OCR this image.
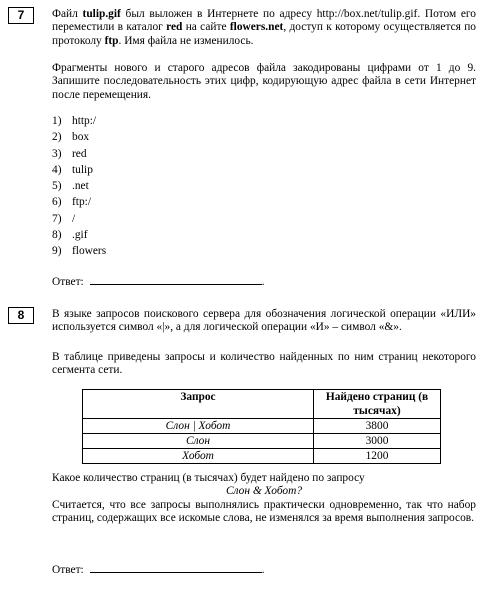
7	Файл tulip.gif был выложен в Интернете по адресу http://box.net/tulip.gif. Потом его переместили в каталог red на сайте flowers.net, доступ к которому осуществляется по протоколу ftp. Имя файла не изменилось.

Фрагменты нового и старого адресов файла закодированы цифрами от 1 до 9. Запишите последовательность этих цифр, кодирующую адрес файла в сети Интернет после перемещения.

1) http:/
2) box
3) red
4) tulip
5) .net
6) ftp:/
7) /
8) .gif
9) flowers
Ответ:	.
8	В языке запросов поискового сервера для обозначения логической операции «ИЛИ» используется символ «|», а для логической операции «И» – символ «&».

В таблице приведены запросы и количество найденных по ним страниц некоторого сегмента сети.

Запрос	Найдено страниц (в тысячах)
Слон | Хобот	3800
Слон	3000
Хобот	1200

Какое количество страниц (в тысячах) будет найдено по запросу

Слон & Хобот?

Считается, что все запросы выполнялись практически одновременно, так что набор страниц, содержащих все искомые слова, не изменялся за время выполнения запросов.

Ответ:	.
